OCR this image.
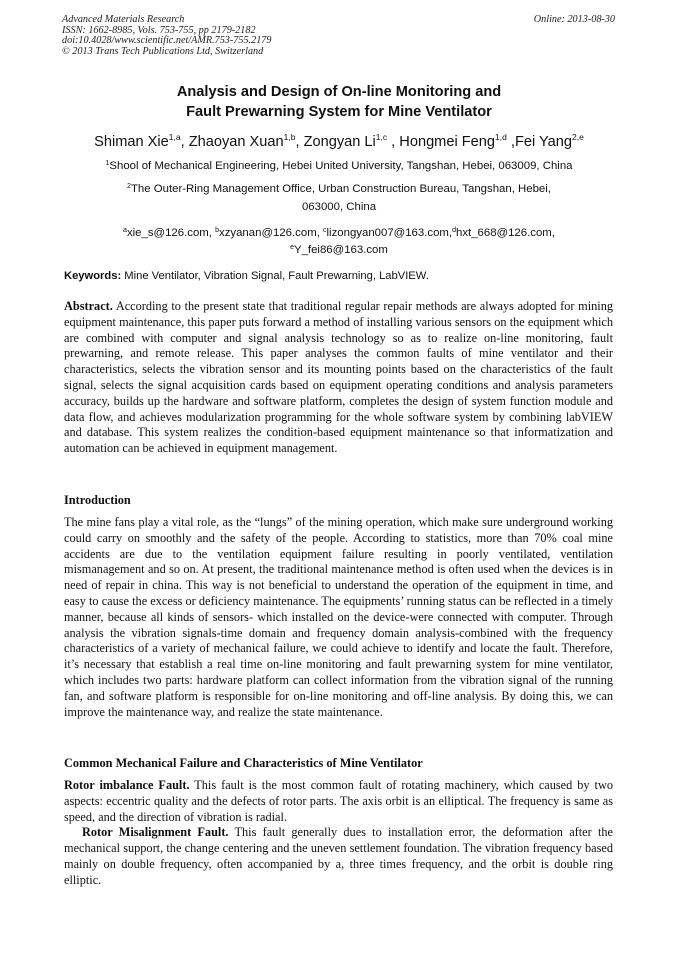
Advanced Materials Research
ISSN: 1662-8985, Vols. 753-755, pp 2179-2182
doi:10.4028/www.scientific.net/AMR.753-755.2179
© 2013 Trans Tech Publications Ltd, Switzerland
Online: 2013-08-30
Analysis and Design of On-line Monitoring and
Fault Prewarning System for Mine Ventilator
Shiman Xie$^{1,a}$, Zhaoyan Xuan$^{1,b}$, Zongyan Li$^{1,c}$ , Hongmei Feng$^{1,d}$ ,Fei Yang$^{2,e}$
$^1$Shool of Mechanical Engineering, Hebei United University, Tangshan, Hebei, 063009, China
$^2$The Outer-Ring Management Office, Urban Construction Bureau, Tangshan, Hebei,
063000, China
$^a$xie_s@126.com, $^b$xzyanan@126.com, $^c$lizongyan007@163.com,$^d$hxt_668@126.com,
$^e$Y_fei86@163.com
Keywords: Mine Ventilator, Vibration Signal, Fault Prewarning, LabVIEW.
Abstract. According to the present state that traditional regular repair methods are always adopted for mining equipment maintenance, this paper puts forward a method of installing various sensors on the equipment which are combined with computer and signal analysis technology so as to realize on-line monitoring, fault prewarning, and remote release. This paper analyses the common faults of mine ventilator and their characteristics, selects the vibration sensor and its mounting points based on the characteristics of the fault signal, selects the signal acquisition cards based on equipment operating conditions and analysis parameters accuracy, builds up the hardware and software platform, completes the design of system function module and data flow, and achieves modularization programming for the whole software system by combining labVIEW and database. This system realizes the condition-based equipment maintenance so that informatization and automation can be achieved in equipment management.
Introduction
The mine fans play a vital role, as the “lungs” of the mining operation, which make sure underground working could carry on smoothly and the safety of the people. According to statistics, more than 70% coal mine accidents are due to the ventilation equipment failure resulting in poorly ventilated, ventilation mismanagement and so on. At present, the traditional maintenance method is often used when the devices is in need of repair in china. This way is not beneficial to understand the operation of the equipment in time, and easy to cause the excess or deficiency maintenance. The equipments’ running status can be reflected in a timely manner, because all kinds of sensors- which installed on the device-were connected with computer. Through analysis the vibration signals-time domain and frequency domain analysis-combined with the frequency characteristics of a variety of mechanical failure, we could achieve to identify and locate the fault. Therefore, it’s necessary that establish a real time on-line monitoring and fault prewarning system for mine ventilator, which includes two parts: hardware platform can collect information from the vibration signal of the running fan, and software platform is responsible for on-line monitoring and off-line analysis. By doing this, we can improve the maintenance way, and realize the state maintenance.
Common Mechanical Failure and Characteristics of Mine Ventilator

Rotor imbalance Fault. This fault is the most common fault of rotating machinery, which caused by two aspects: eccentric quality and the defects of rotor parts. The axis orbit is an elliptical. The frequency is same as speed, and the direction of vibration is radial.

Rotor Misalignment Fault. This fault generally dues to installation error, the deformation after the mechanical support, the change centering and the uneven settlement foundation. The vibration frequency based mainly on double frequency, often accompanied by a, three times frequency, and the orbit is double ring elliptic.
